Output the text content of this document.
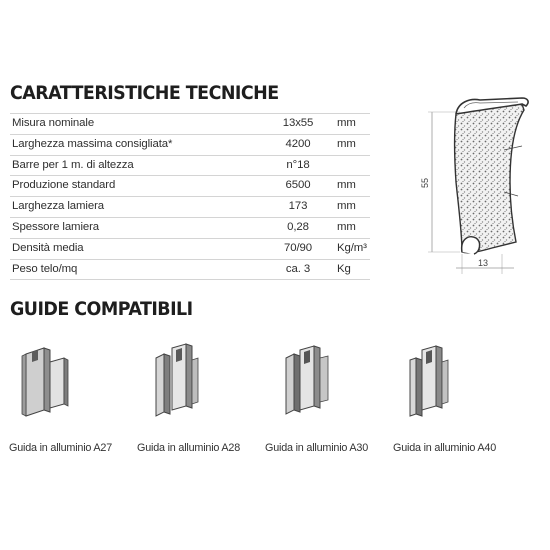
CARATTERISTICHE TECNICHE
Misura nominale	13x55	mm
Larghezza massima consigliata*	4200	mm
Barre per 1 m. di altezza	n°18
Produzione standard	6500	mm
Larghezza lamiera	173	mm
Spessore lamiera	0,28	mm
Densità media	70/90	Kg/m³
Peso telo/mq	ca. 3	Kg
55
13
GUIDE COMPATIBILI
Guida in alluminio A27 Guida in alluminio A28 Guida in alluminio A30 Guida in alluminio A40
